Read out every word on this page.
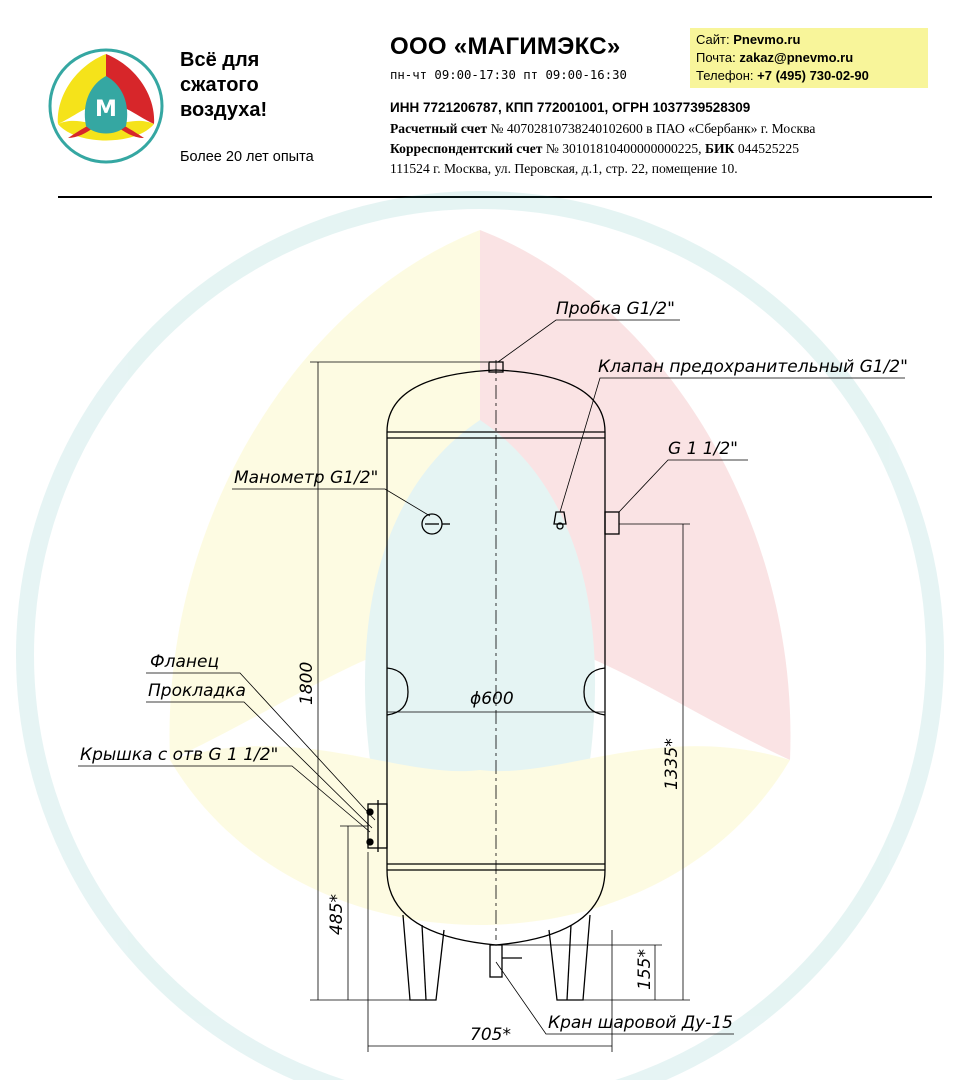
M
Всё для
сжатого
воздуха!
Более 20 лет опыта
ООО «МАГИМЭКС»
пн-чт 09:00-17:30 пт 09:00-16:30
ИНН 7721206787, КПП 772001001, ОГРН 1037739528309
Расчетный счет № 40702810738240102600 в ПАО «Сбербанк» г. Москва
Корреспондентский счет № 30101810400000000225, БИК 044525225
111524 г. Москва, ул. Перовская, д.1, стр. 22, помещение 10.
Сайт: Pnevmo.ru
Почта: zakaz@pnevmo.ru
Телефон: +7 (495) 730-02-90
Пробка G1/2"
Клапан предохранительный G1/2"
G 1 1/2"
Манометр G1/2"
Фланец
Прокладка
Крышка с отв G 1 1/2"
Кран шаровой Ду-15
1800
485*
1335*
155*
ϕ600
705*
